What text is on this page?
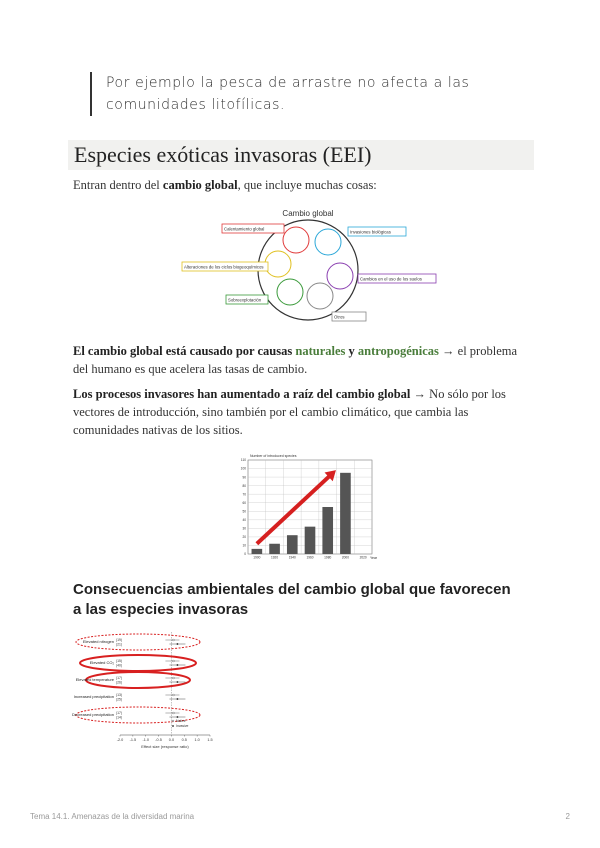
Por ejemplo la pesca de arrastre no afecta a las comunidades litofílicas.
Especies exóticas invasoras (EEI)
Entran dentro del cambio global, que incluye muchas cosas:
Cambio global
Calentamiento global
Invasiones biológicas
Alteraciones de los ciclos biogeoquímicos
Cambios en el uso de los suelos
Sobreexplotación
Otros
El cambio global está causado por causas naturales y antropogénicas → el problema del humano es que acelera las tasas de cambio.
Los procesos invasores han aumentado a raíz del cambio global → No sólo por los vectores de introducción, sino también por el cambio climático, que cambia las comunidades nativas de los sitios.
Number of introduced species
Year
0
10
20
30
40
50
60
70
80
90
100
110
1900	1920	1940	1960	1980	2000	2020
Consecuencias ambientales del cambio global que favorecen a las especies invasoras
Effect size (response ratio)
-2.0 -1.5 -1.0 -0.5 0.0 0.5 1.0 1.5
Elevated nitrogen (19)
(21)
Elevated CO₂ (15)
(40)
Elevated temperature (17)
(26)
Increased precipitation (13)
(25)
Decreased precipitation (17)
(14)
Native
Invasive
Tema 14.1. Amenazas de la diversidad marina	2
